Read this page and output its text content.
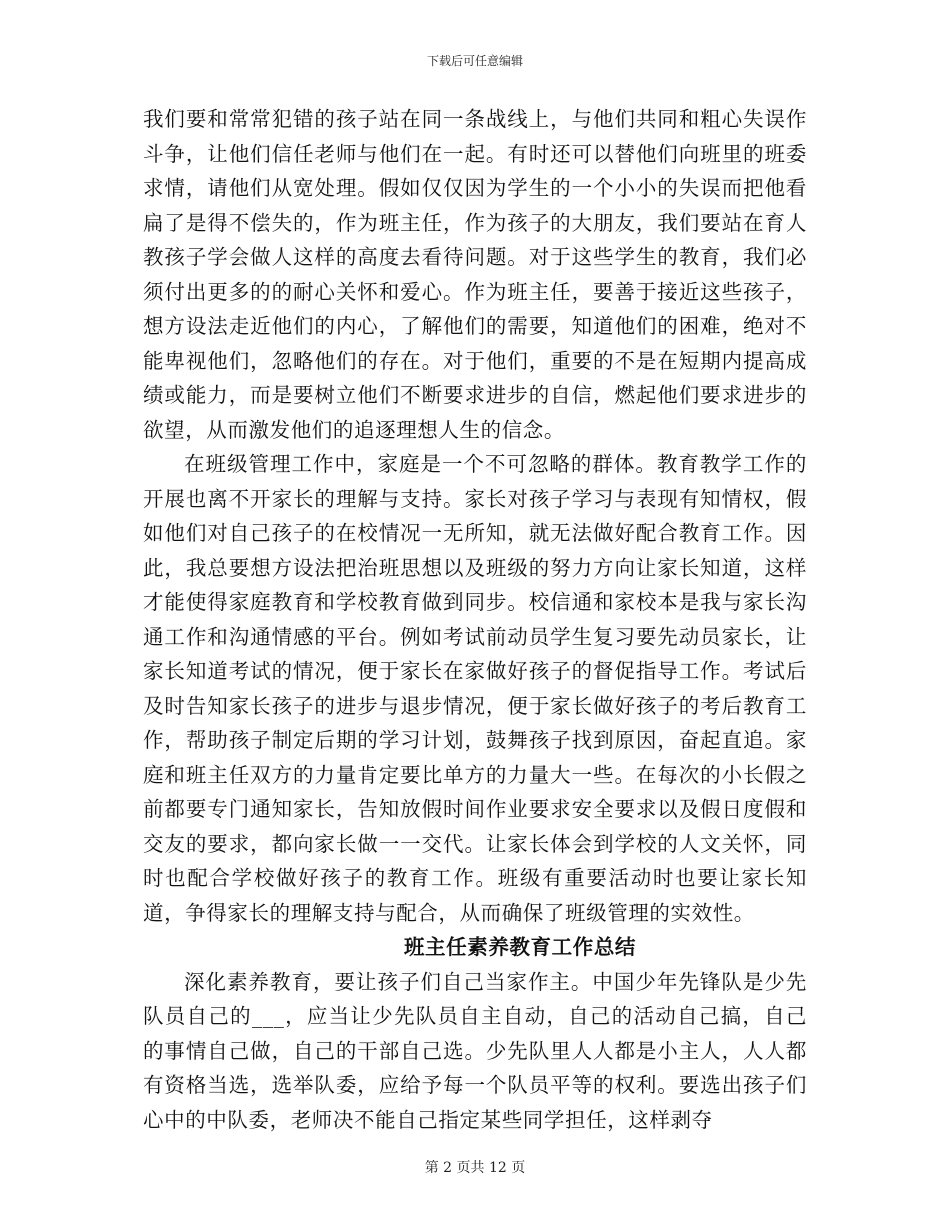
下载后可任意编辑

我们要和常常犯错的孩子站在同一条战线上，与他们共同和粗心失误作斗争，让他们信任老师与他们在一起。有时还可以替他们向班里的班委求情，请他们从宽处理。假如仅仅因为学生的一个小小的失误而把他看扁了是得不偿失的，作为班主任，作为孩子的大朋友，我们要站在育人教孩子学会做人这样的高度去看待问题。对于这些学生的教育，我们必须付出更多的的耐心关怀和爱心。作为班主任，要善于接近这些孩子，想方设法走近他们的内心，了解他们的需要，知道他们的困难，绝对不能卑视他们，忽略他们的存在。对于他们，重要的不是在短期内提高成绩或能力，而是要树立他们不断要求进步的自信，燃起他们要求进步的欲望，从而激发他们的追逐理想人生的信念。

在班级管理工作中，家庭是一个不可忽略的群体。教育教学工作的开展也离不开家长的理解与支持。家长对孩子学习与表现有知情权，假如他们对自己孩子的在校情况一无所知，就无法做好配合教育工作。因此，我总要想方设法把治班思想以及班级的努力方向让家长知道，这样才能使得家庭教育和学校教育做到同步。校信通和家校本是我与家长沟通工作和沟通情感的平台。例如考试前动员学生复习要先动员家长，让家长知道考试的情况，便于家长在家做好孩子的督促指导工作。考试后及时告知家长孩子的进步与退步情况，便于家长做好孩子的考后教育工作，帮助孩子制定后期的学习计划，鼓舞孩子找到原因，奋起直追。家庭和班主任双方的力量肯定要比单方的力量大一些。在每次的小长假之前都要专门通知家长，告知放假时间作业要求安全要求以及假日度假和交友的要求，都向家长做一一交代。让家长体会到学校的人文关怀，同时也配合学校做好孩子的教育工作。班级有重要活动时也要让家长知道，争得家长的理解支持与配合，从而确保了班级管理的实效性。

班主任素养教育工作总结

深化素养教育，要让孩子们自己当家作主。中国少年先锋队是少先队员自己的___，应当让少先队员自主自动，自己的活动自己搞，自己的事情自己做，自己的干部自己选。少先队里人人都是小主人，人人都有资格当选，选举队委，应给予每一个队员平等的权利。要选出孩子们心中的中队委，老师决不能自己指定某些同学担任，这样剥夺

第 2 页共 12 页
